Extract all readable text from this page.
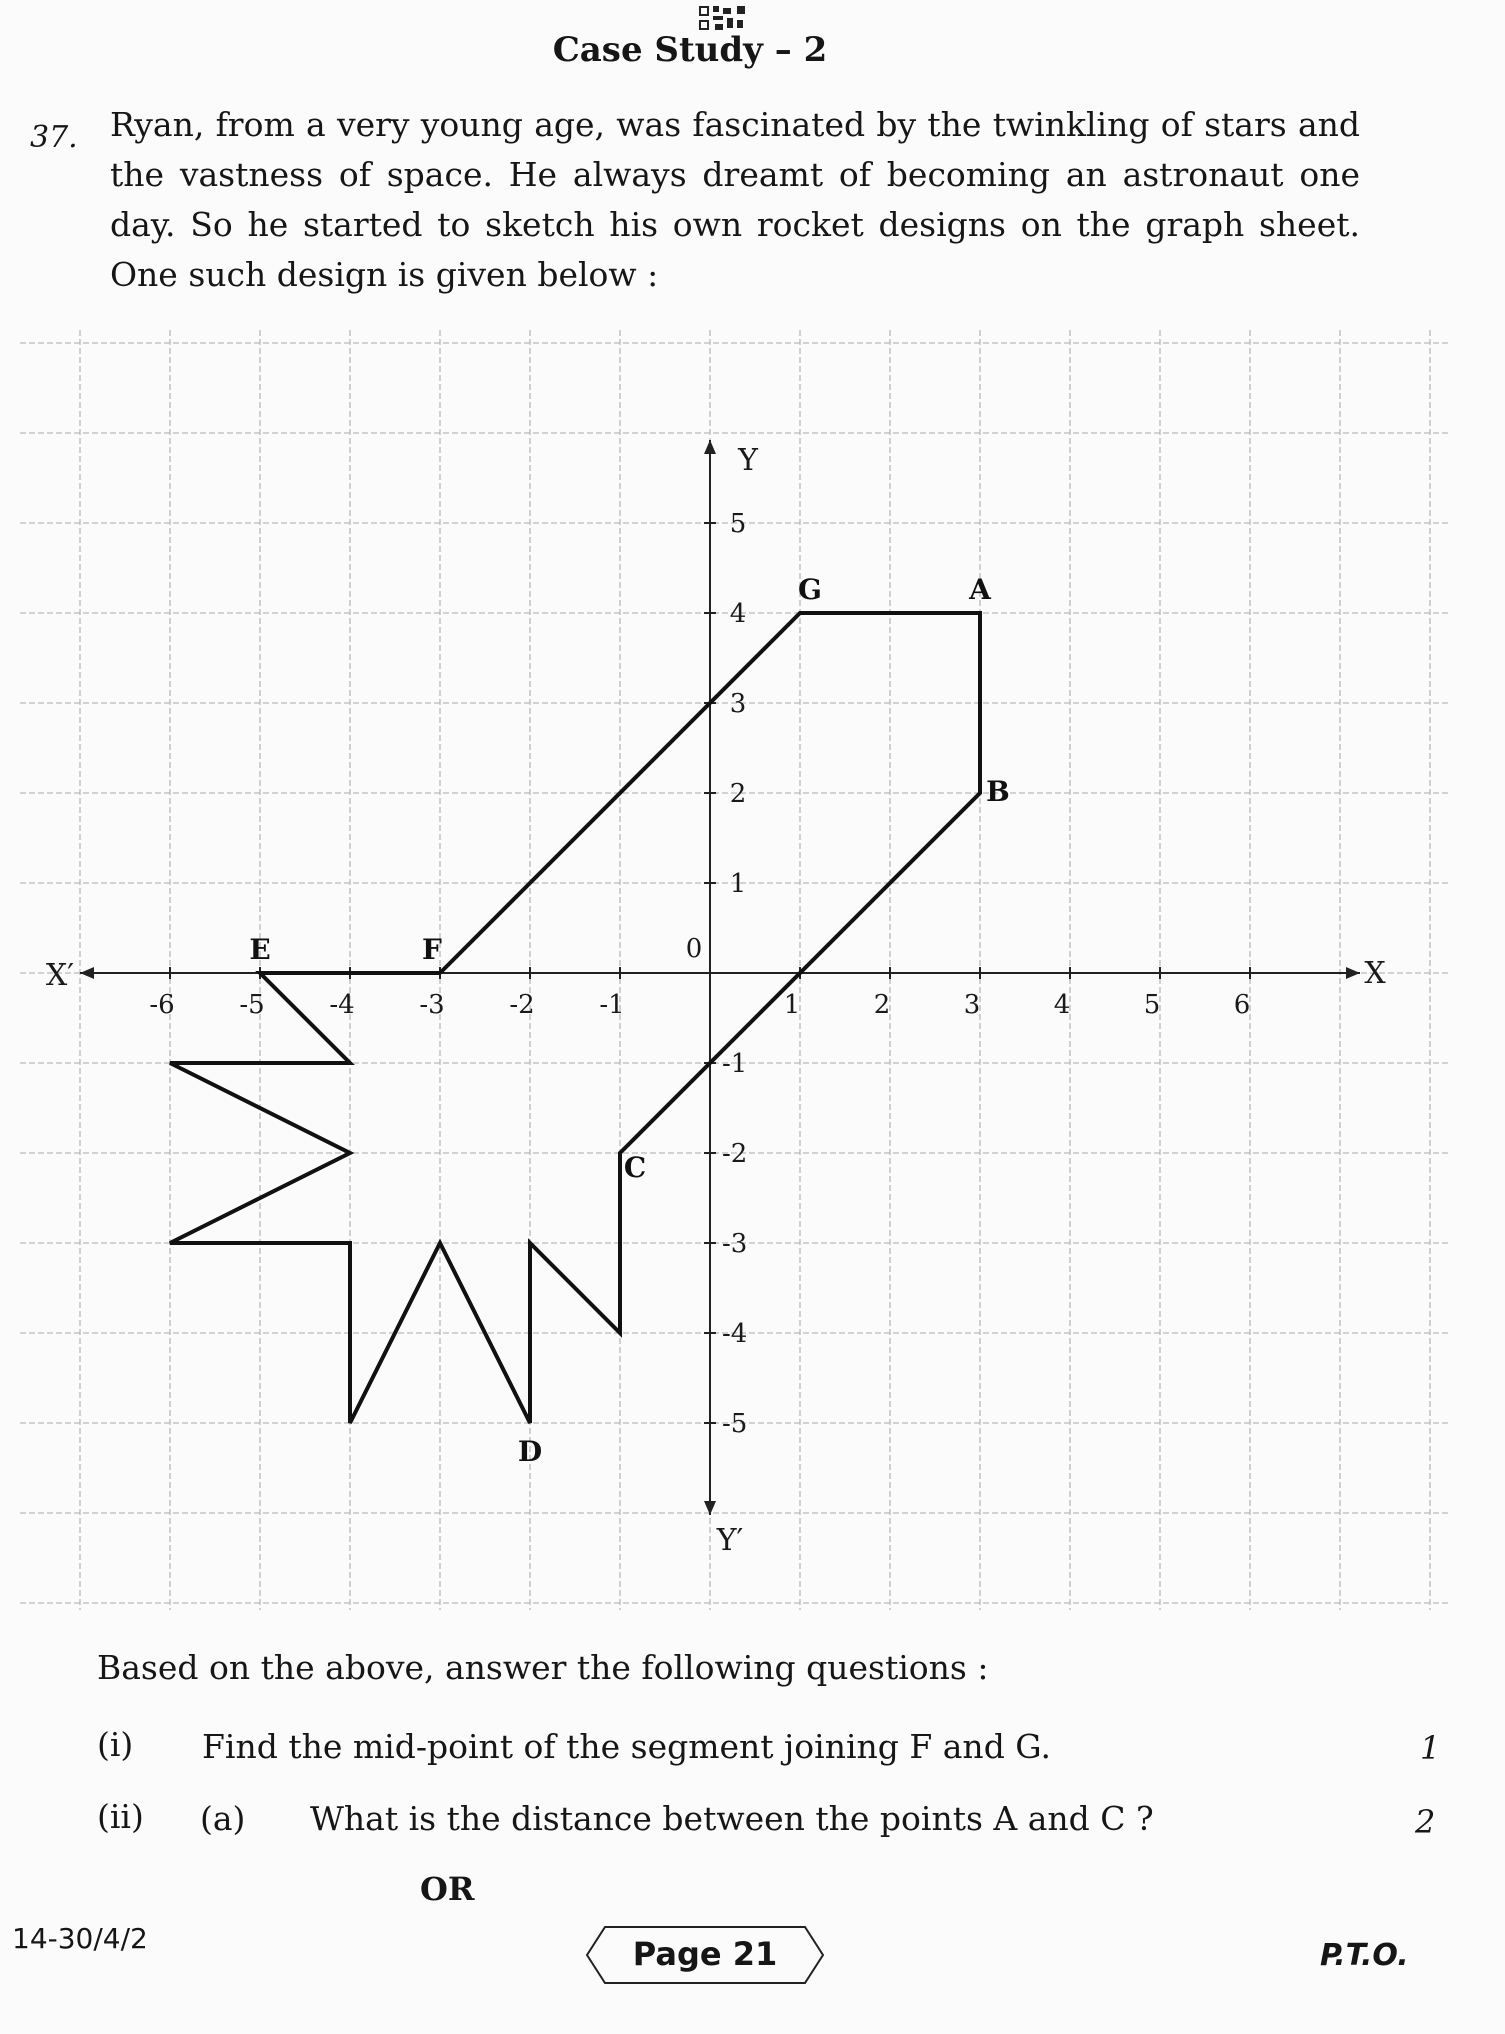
Case Study – 2
37. Ryan, from a very young age, was fascinated by the twinkling of stars and the vastness of space. He always dreamt of becoming an astronaut one day. So he started to sketch his own rocket designs on the graph sheet. One such design is given below :
-6 -5 -4 -3 -2 -1	1	2	3	4	5	6
5
4
3
2
1
-1
-2
-3
-4
-5
0
X
X′
Y
Y′
G	A
B
C
D
E	F
Based on the above, answer the following questions :
(i) Find the mid-point of the segment joining F and G.	1
(ii) (a) What is the distance between the points A and C ?	2
OR
14-30/4/2	Page 21	P.T.O.
